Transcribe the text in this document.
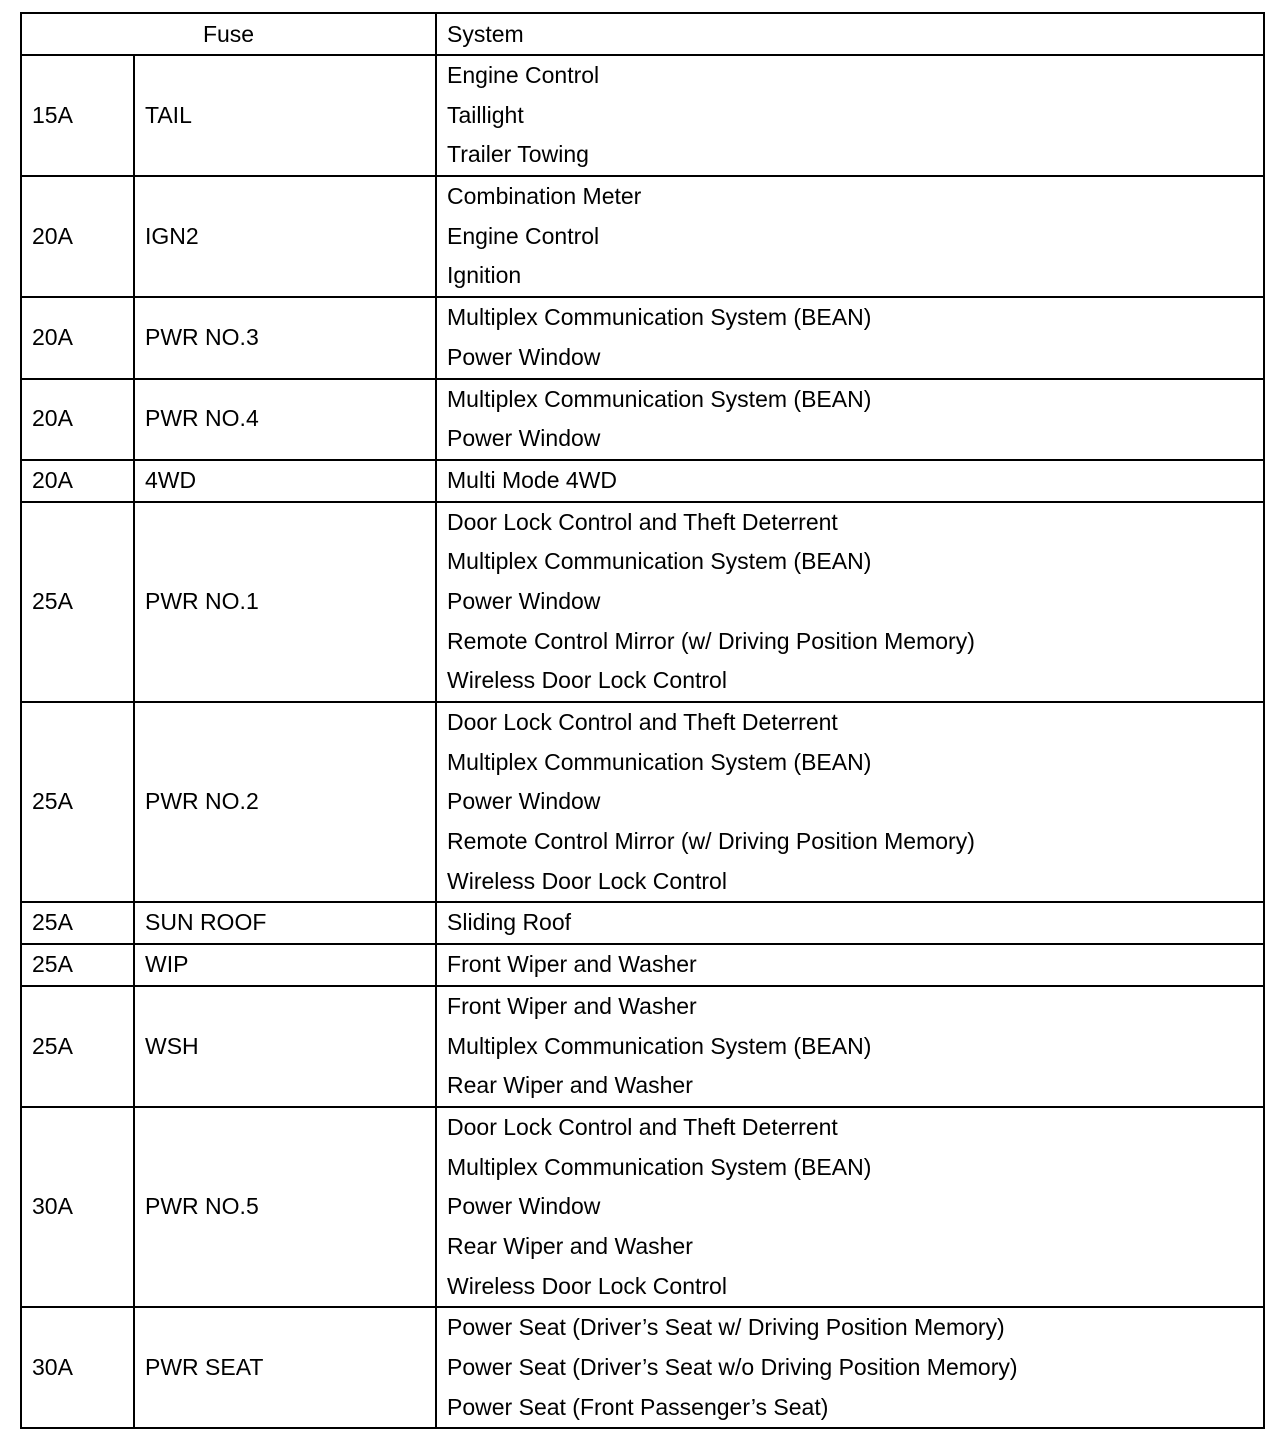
Fuse		System
15A	TAIL	Engine Control
Taillight
Trailer Towing

20A	IGN2	Combination Meter
Engine Control
Ignition

20A	PWR NO.3	Multiplex Communication System (BEAN)
Power Window

20A	PWR NO.4	Multiplex Communication System (BEAN)
Power Window

20A	4WD	Multi Mode 4WD

25A	PWR NO.1	Door Lock Control and Theft Deterrent
Multiplex Communication System (BEAN)
Power Window
Remote Control Mirror (w/ Driving Position Memory)
Wireless Door Lock Control

25A	PWR NO.2	Door Lock Control and Theft Deterrent
Multiplex Communication System (BEAN)
Power Window
Remote Control Mirror (w/ Driving Position Memory)
Wireless Door Lock Control

25A	SUN ROOF	Sliding Roof

25A	WIP	Front Wiper and Washer

25A	WSH	Front Wiper and Washer
Multiplex Communication System (BEAN)
Rear Wiper and Washer

30A	PWR NO.5	Door Lock Control and Theft Deterrent
Multiplex Communication System (BEAN)
Power Window
Rear Wiper and Washer
Wireless Door Lock Control

30A	PWR SEAT	Power Seat (Driver’s Seat w/ Driving Position Memory)
Power Seat (Driver’s Seat w/o Driving Position Memory)
Power Seat (Front Passenger’s Seat)
